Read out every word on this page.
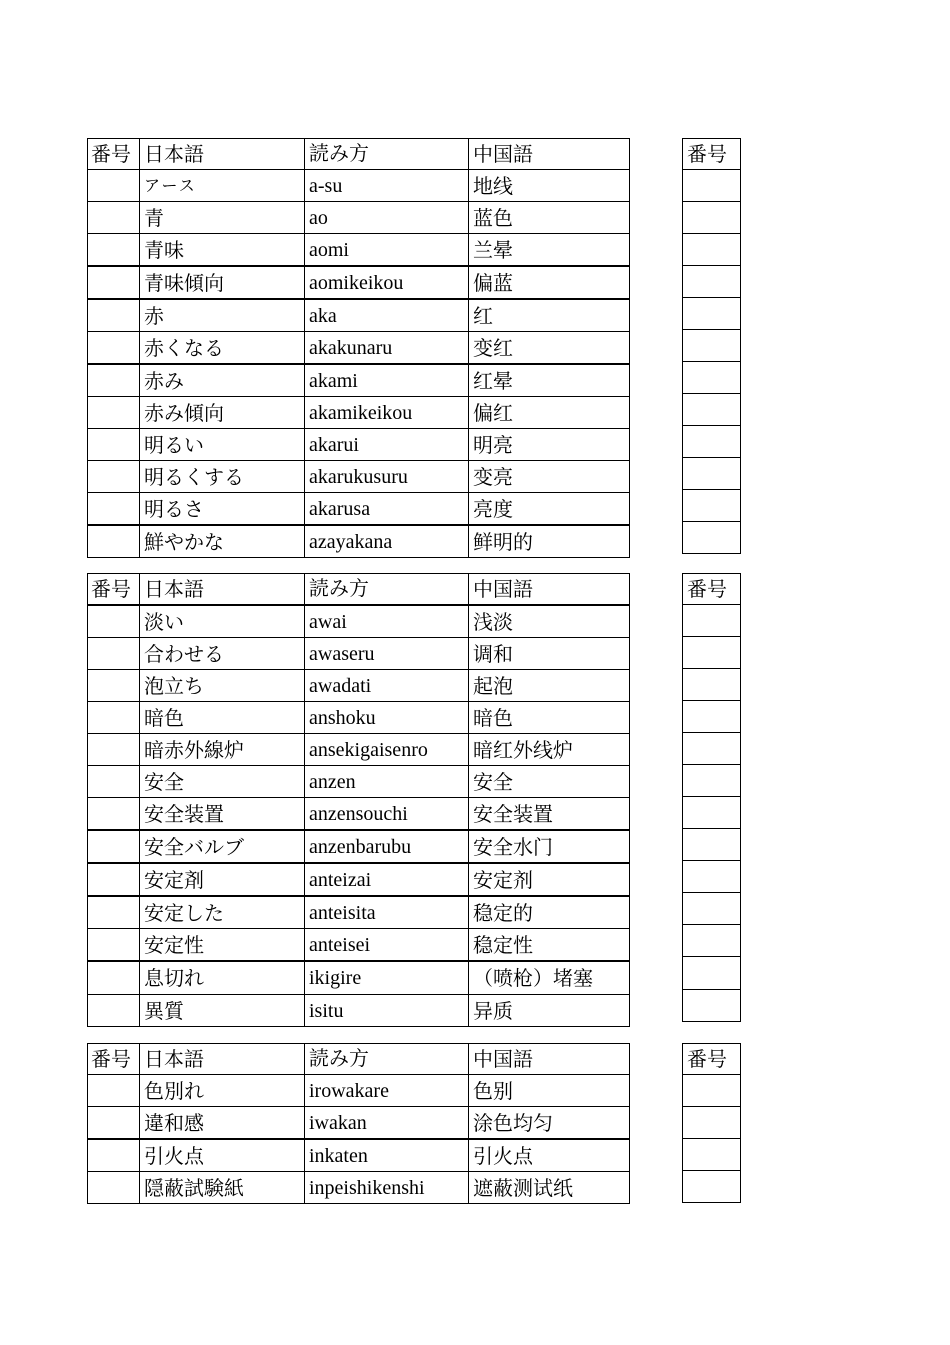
番号	日本語	読み方	中国語
	アース	a-su	地线
	青	ao	蓝色
	青味	aomi	兰晕
	青味傾向	aomikeikou	偏蓝
	赤	aka	红
	赤くなる	akakunaru	变红
	赤み	akami	红晕
	赤み傾向	akamikeikou	偏红
	明るい	akarui	明亮
	明るくする	akarukusuru	变亮
	明るさ	akarusa	亮度
	鮮やかな	azayakana	鲜明的
番号

番号	日本語	読み方	中国語
	淡い	awai	浅淡
	合わせる	awaseru	调和
	泡立ち	awadati	起泡
	暗色	anshoku	暗色
	暗赤外線炉	ansekigaisenro	暗红外线炉
	安全	anzen	安全
	安全装置	anzensouchi	安全装置
	安全バルブ	anzenbarubu	安全水门
	安定剤	anteizai	安定剂
	安定した	anteisita	稳定的
	安定性	anteisei	稳定性
	息切れ	ikigire	（喷枪）堵塞
	異質	isitu	异质
番号

番号	日本語	読み方	中国語
	色別れ	irowakare	色别
	違和感	iwakan	涂色均匀
	引火点	inkaten	引火点
	隠蔽試験紙	inpeishikenshi	遮蔽测试纸
番号
